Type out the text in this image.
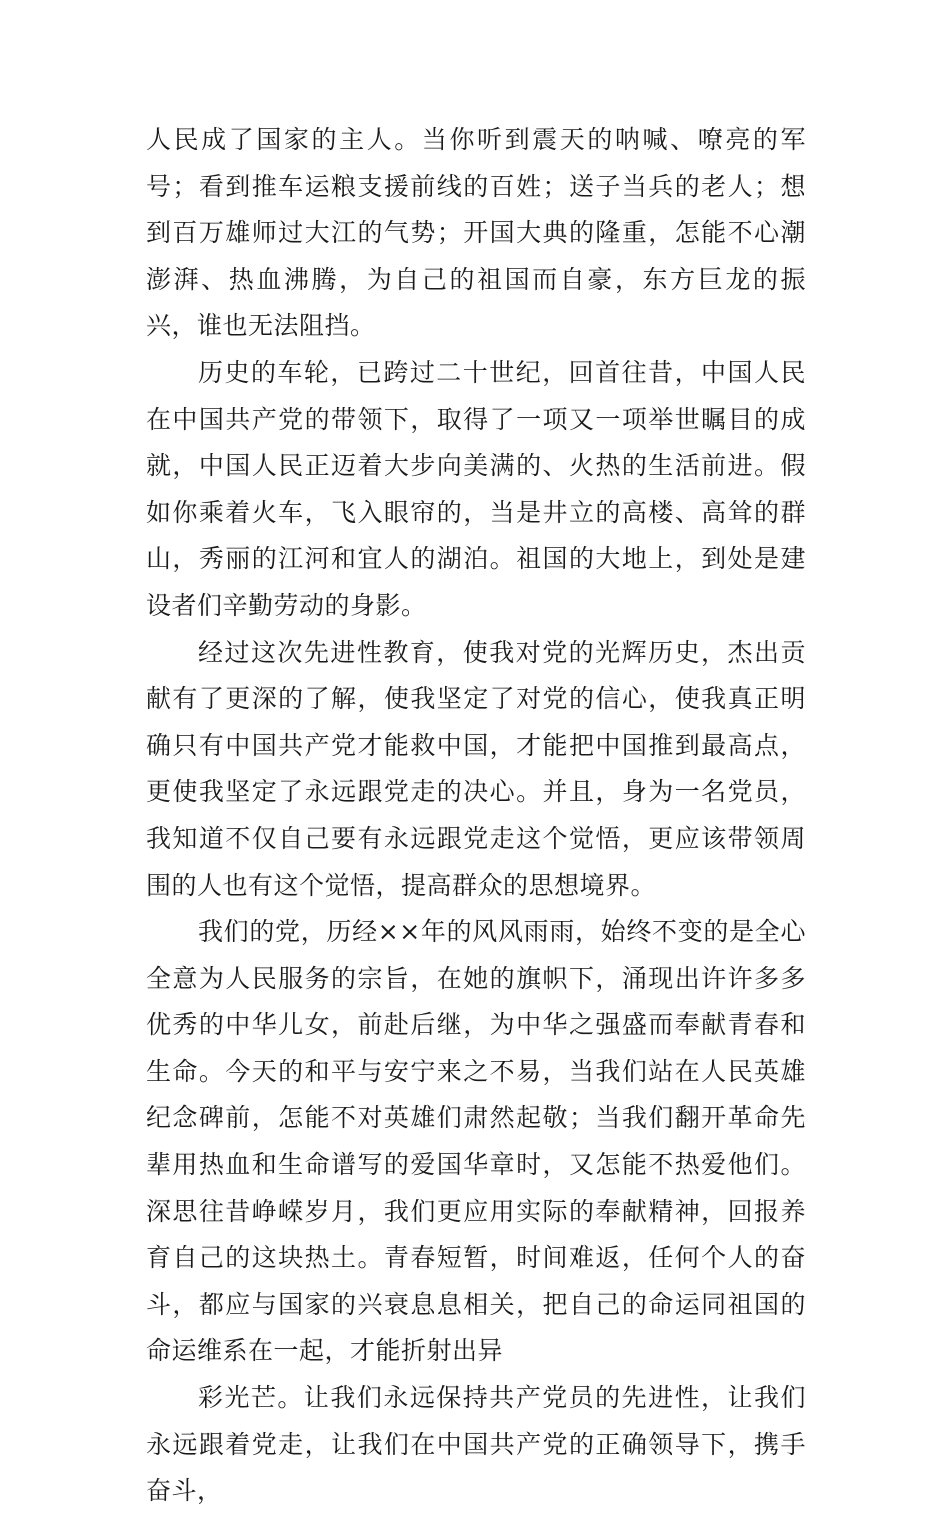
人民成了国家的主人。当你听到震天的呐喊、嘹亮的军号；看到推车运粮支援前线的百姓；送子当兵的老人；想到百万雄师过大江的气势；开国大典的隆重，怎能不心潮澎湃、热血沸腾，为自己的祖国而自豪，东方巨龙的振兴，谁也无法阻挡。

历史的车轮，已跨过二十世纪，回首往昔，中国人民在中国共产党的带领下，取得了一项又一项举世瞩目的成就，中国人民正迈着大步向美满的、火热的生活前进。假如你乘着火车，飞入眼帘的，当是井立的高楼、高耸的群山，秀丽的江河和宜人的湖泊。祖国的大地上，到处是建设者们辛勤劳动的身影。

经过这次先进性教育，使我对党的光辉历史，杰出贡献有了更深的了解，使我坚定了对党的信心，使我真正明确只有中国共产党才能救中国，才能把中国推到最高点，更使我坚定了永远跟党走的决心。并且，身为一名党员，我知道不仅自己要有永远跟党走这个觉悟，更应该带领周围的人也有这个觉悟，提高群众的思想境界。

我们的党，历经××年的风风雨雨，始终不变的是全心全意为人民服务的宗旨，在她的旗帜下，涌现出许许多多优秀的中华儿女，前赴后继，为中华之强盛而奉献青春和生命。今天的和平与安宁来之不易，当我们站在人民英雄纪念碑前，怎能不对英雄们肃然起敬；当我们翻开革命先辈用热血和生命谱写的爱国华章时，又怎能不热爱他们。深思往昔峥嵘岁月，我们更应用实际的奉献精神，回报养育自己的这块热土。青春短暂，时间难返，任何个人的奋斗，都应与国家的兴衰息息相关，把自己的命运同祖国的命运维系在一起，才能折射出异

彩光芒。让我们永远保持共产党员的先进性，让我们永远跟着党走，让我们在中国共产党的正确领导下，携手奋斗，
